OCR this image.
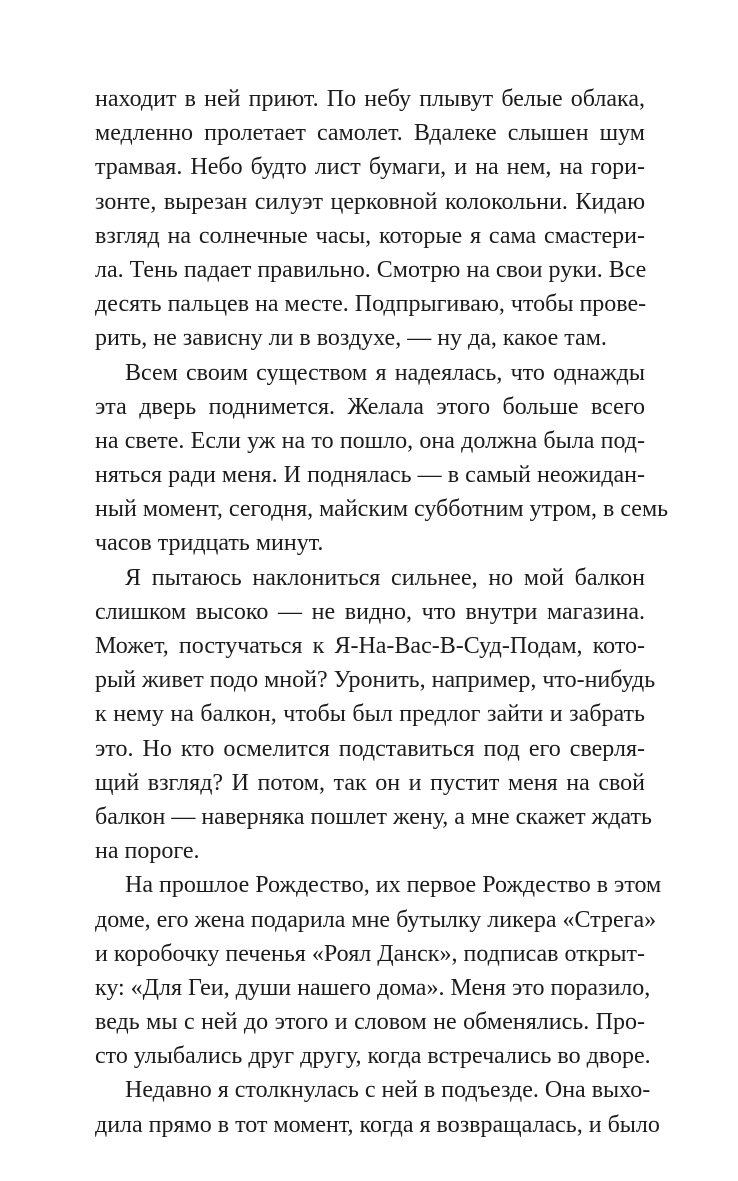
находит в ней приют. По небу плывут белые облака,
медленно пролетает самолет. Вдалеке слышен шум
трамвая. Небо будто лист бумаги, и на нем, на гори-
зонте, вырезан силуэт церковной колокольни. Кидаю
взгляд на солнечные часы, которые я сама смастери-
ла. Тень падает правильно. Смотрю на свои руки. Все
десять пальцев на месте. Подпрыгиваю, чтобы прове-
рить, не зависну ли в воздухе, — ну да, какое там.
Всем своим существом я надеялась, что однажды
эта дверь поднимется. Желала этого больше всего
на свете. Если уж на то пошло, она должна была под-
няться ради меня. И поднялась — в самый неожидан-
ный момент, сегодня, майским субботним утром, в семь
часов тридцать минут.
Я пытаюсь наклониться сильнее, но мой балкон
слишком высоко — не видно, что внутри магазина.
Может, постучаться к Я-На-Вас-В-Суд-Подам, кото-
рый живет подо мной? Уронить, например, что-нибудь
к нему на балкон, чтобы был предлог зайти и забрать
это. Но кто осмелится подставиться под его сверля-
щий взгляд? И потом, так он и пустит меня на свой
балкон — наверняка пошлет жену, а мне скажет ждать
на пороге.
На прошлое Рождество, их первое Рождество в этом
доме, его жена подарила мне бутылку ликера «Стрега»
и коробочку печенья «Роял Данск», подписав открыт-
ку: «Для Геи, души нашего дома». Меня это поразило,
ведь мы с ней до этого и словом не обменялись. Про-
сто улыбались друг другу, когда встречались во дворе.
Недавно я столкнулась с ней в подъезде. Она выхо-
дила прямо в тот момент, когда я возвращалась, и было
